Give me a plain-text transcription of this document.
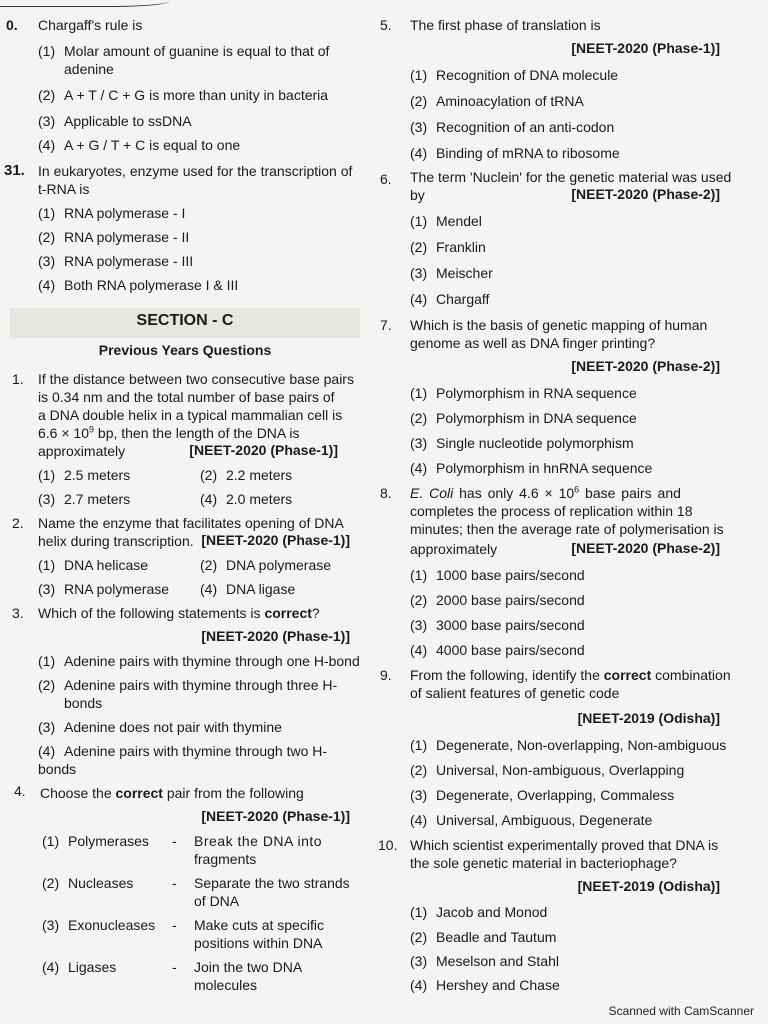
0. Chargaff's rule is
(1) Molar amount of guanine is equal to that of
adenine
(2) A + T / C + G is more than unity in bacteria
(3) Applicable to ssDNA
(4) A + G / T + C is equal to one
31. In eukaryotes, enzyme used for the transcription of
t-RNA is
(1) RNA polymerase - I
(2) RNA polymerase - II
(3) RNA polymerase - III
(4) Both RNA polymerase I & III
SECTION - C
Previous Years Questions
1. If the distance between two consecutive base pairs
is 0.34 nm and the total number of base pairs of
a DNA double helix in a typical mammalian cell is
$6.6 \times 10^9$ bp, then the length of the DNA is
approximately	[NEET-2020 (Phase-1)]
(1) 2.5 meters	(2) 2.2 meters
(3) 2.7 meters	(4) 2.0 meters
2. Name the enzyme that facilitates opening of DNA
helix during transcription. [NEET-2020 (Phase-1)]
(1) DNA helicase	(2) DNA polymerase
(3) RNA polymerase (4) DNA ligase
3. Which of the following statements is correct?
[NEET-2020 (Phase-1)]
(1) Adenine pairs with thymine through one H-bond
(2) Adenine pairs with thymine through three H-
bonds
(3) Adenine does not pair with thymine
(4) Adenine pairs with thymine through two H-
bonds
4. Choose the correct pair from the following
[NEET-2020 (Phase-1)]
(1) Polymerases - Break the DNA into
fragments
(2) Nucleases	- Separate the two strands
of DNA
(3) Exonucleases - Make cuts at specific
positions within DNA
(4) Ligases	- Join the two DNA
molecules
5. The first phase of translation is
[NEET-2020 (Phase-1)]
(1) Recognition of DNA molecule
(2) Aminoacylation of tRNA
(3) Recognition of an anti-codon
(4) Binding of mRNA to ribosome
6. The term 'Nuclein' for the genetic material was used
by	[NEET-2020 (Phase-2)]
(1) Mendel
(2) Franklin
(3) Meischer
(4) Chargaff
7. Which is the basis of genetic mapping of human
genome as well as DNA finger printing?
[NEET-2020 (Phase-2)]
(1) Polymorphism in RNA sequence
(2) Polymorphism in DNA sequence
(3) Single nucleotide polymorphism
(4) Polymorphism in hnRNA sequence
8. E. Coli has only $4.6 \times 10^6$ base pairs and
completes the process of replication within 18
minutes; then the average rate of polymerisation is
approximately	[NEET-2020 (Phase-2)]
(1) 1000 base pairs/second
(2) 2000 base pairs/second
(3) 3000 base pairs/second
(4) 4000 base pairs/second
9. From the following, identify the correct combination
of salient features of genetic code
[NEET-2019 (Odisha)]
(1) Degenerate, Non-overlapping, Non-ambiguous
(2) Universal, Non-ambiguous, Overlapping
(3) Degenerate, Overlapping, Commaless
(4) Universal, Ambiguous, Degenerate
10. Which scientist experimentally proved that DNA is
the sole genetic material in bacteriophage?
[NEET-2019 (Odisha)]
(1) Jacob and Monod
(2) Beadle and Tautum
(3) Meselson and Stahl
(4) Hershey and Chase
Scanned with CamScanner
